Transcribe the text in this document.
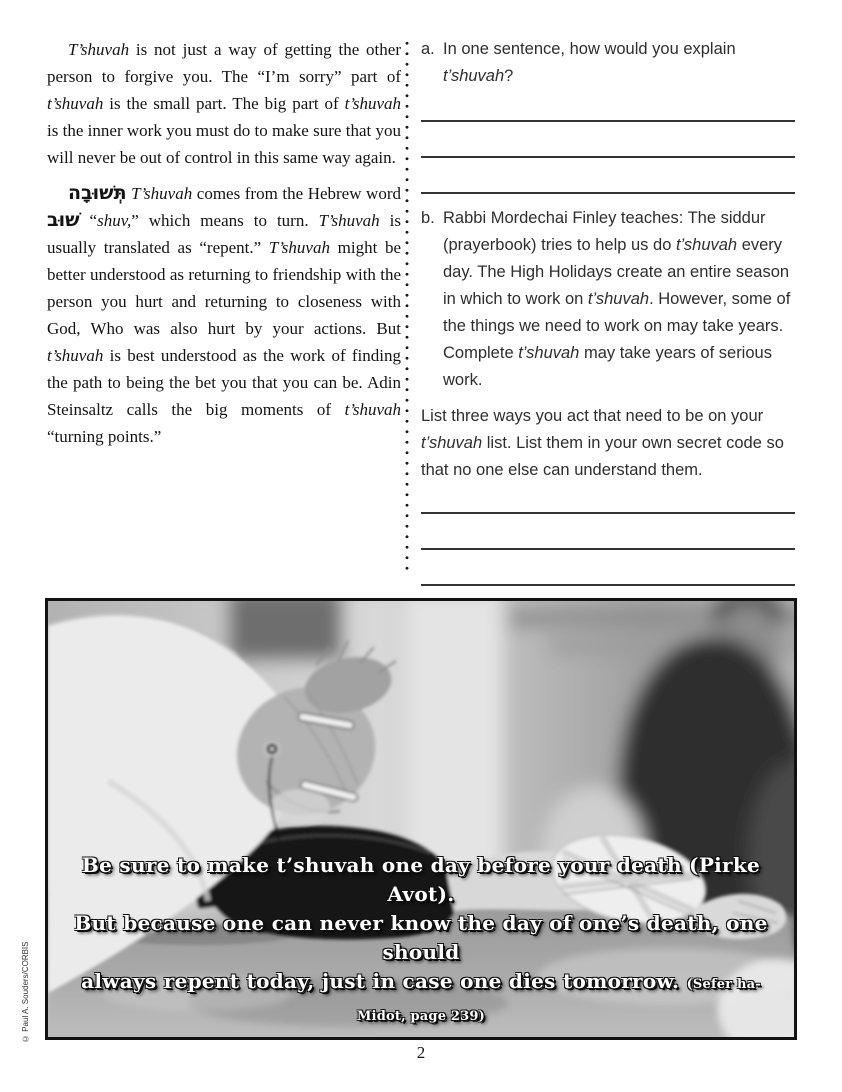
T’shuvah is not just a way of getting the other person to forgive you. The “I’m sorry” part of t’shuvah is the small part. The big part of t’shuvah is the inner work you must do to make sure that you will never be out of control in this same way again.

תְּשׁוּבָה T’shuvah comes from the Hebrew word שׁוּב “shuv,” which means to turn. T’shuvah is usually translated as “repent.” T’shuvah might be better understood as returning to friendship with the person you hurt and returning to closeness with God, Who was also hurt by your actions. But t’shuvah is best understood as the work of finding the path to being the bet you that you can be. Adin Steinsaltz calls the big moments of t’shuvah “turning points.”

a. In one sentence, how would you explain t’shuvah?
b. Rabbi Mordechai Finley teaches: The siddur (prayerbook) tries to help us do t’shuvah every day. The High Holidays create an entire season in which to work on t’shuvah. However, some of the things we need to work on may take years. Complete t’shuvah may take years of serious work.
List three ways you act that need to be on your t’shuvah list. List them in your own secret code so that no one else can understand them.
Be sure to make t’shuvah one day before your death (Pirke Avot).
But because one can never know the day of one’s death, one should
always repent today, just in case one dies tomorrow. (Sefer ha-Midot, page 239)
© Paul A. Souders/CORBIS
2
